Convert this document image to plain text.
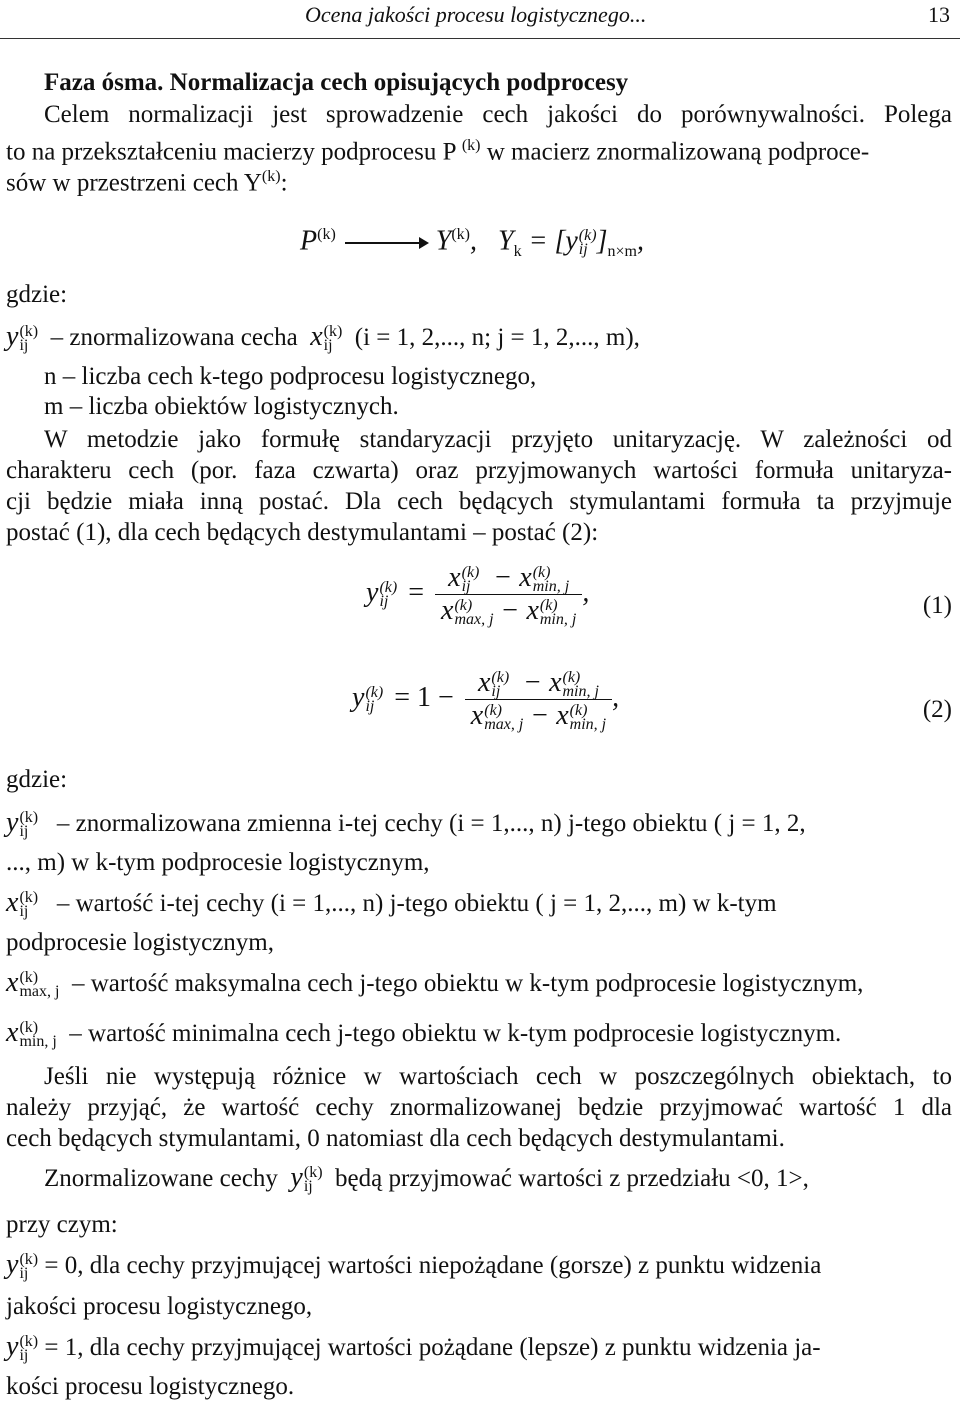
Ocena jakości procesu logistycznego...	13
Faza ósma. Normalizacja cech opisujących podprocesy
Celem normalizacji jest sprowadzenie cech jakości do porównywalności. Polega
to na przekształceniu macierzy podprocesu P $^{(k)}$ w macierz znormalizowaną podproce-
sów w przestrzeni cech $Y^{(k)}$:
$P^{(k)}$	$Y^{(k)}$,   $Y_k = [y$ (k)
ij ]$_{n\times m}$,
gdzie:
y (k)
ij – znormalizowana cecha x (k)
ij (i = 1, 2,..., n; j = 1, 2,..., m),
n – liczba cech k-tego podprocesu logistycznego,
m – liczba obiektów logistycznych.
W metodzie jako formułę standaryzacji przyjęto unitaryzację. W zależności od
charakteru cech (por. faza czwarta) oraz przyjmowanych wartości formuła unitaryza-
cji będzie miała inną postać. Dla cech będących stymulantami formuła ta przyjmuje
postać (1), dla cech będących destymulantami – postać (2):
y (k)
ij = x (k)
ij − x (k)
min, j
x (k)
max, j − x (k)
min, j ,	(1)
y (k)
ij = 1 − x (k)
ij − x (k)
min, j
x (k)
max, j − x (k)
min, j ,	(2)
gdzie:
y (k)
ij	– znormalizowana zmienna i-tej cechy (i = 1,..., n) j-tego obiektu ( j = 1, 2,
..., m) w k-tym podprocesie logistycznym,
x (k)
ij	– wartość i-tej cechy (i = 1,..., n) j-tego obiektu ( j = 1, 2,..., m) w k-tym
podprocesie logistycznym,
x (k)
max, j – wartość maksymalna cech j-tego obiektu w k-tym podprocesie logistycznym,
x (k)
min, j – wartość minimalna cech j-tego obiektu w k-tym podprocesie logistycznym.
Jeśli nie występują różnice w wartościach cech w poszczególnych obiektach, to
należy przyjąć, że wartość cechy znormalizowanej będzie przyjmować wartość 1 dla
cech będących stymulantami, 0 natomiast dla cech będących destymulantami.
Znormalizowane cechy y (k)
ij będą przyjmować wartości z przedziału <0, 1>,
przy czym:
y (k)
ij = 0, dla cechy przyjmującej wartości niepożądane (gorsze) z punktu widzenia
jakości procesu logistycznego,
y (k)
ij = 1, dla cechy przyjmującej wartości pożądane (lepsze) z punktu widzenia ja-
kości procesu logistycznego.
